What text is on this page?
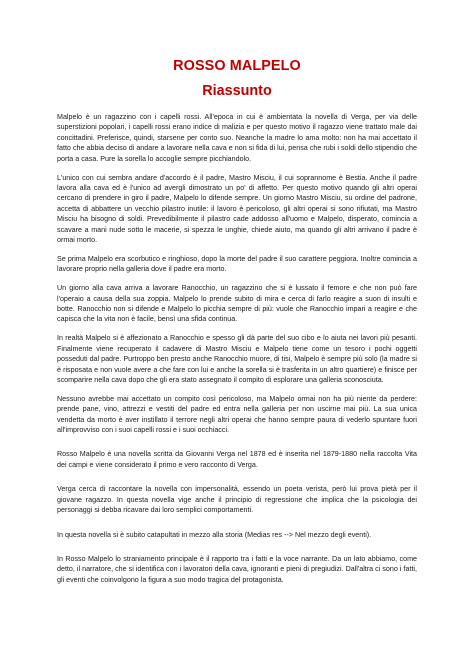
ROSSO MALPELO
Riassunto

Malpelo è un ragazzino con i capelli rossi. All'epoca in cui è ambientata la novella di Verga, per via delle superstizioni popolari, i capelli rossi erano indice di malizia e per questo motivo il ragazzo viene trattato male dai concittadini. Preferisce, quindi, starsene per conto suo. Neanche la madre lo ama molto: non ha mai accettato il fatto che abbia deciso di andare a lavorare nella cava e non si fida di lui, pensa che rubi i soldi dello stipendio che porta a casa. Pure la sorella lo accoglie sempre picchiandolo.

L'unico con cui sembra andare d'accordo è il padre, Mastro Misciu, il cui soprannome è Bestia. Anche il padre lavora alla cava ed è l'unico ad avergli dimostrato un po' di affetto. Per questo motivo quando gli altri operai cercano di prendere in giro il padre, Malpelo lo difende sempre. Un giorno Mastro Misciu, su ordine del padrone, accetta di abbattere un vecchio pilastro inutile: il lavoro è pericoloso, gli altri operai si sono rifiutati, ma Mastro Misciu ha bisogno di soldi. Prevedibilmente il pilastro cade addosso all'uomo e Malpelo, disperato, comincia a scavare a mani nude sotto le macerie, si spezza le unghie, chiede aiuto, ma quando gli altri arrivano il padre è ormai morto.

Se prima Malpelo era scorbutico e ringhioso, dopo la morte del padre il suo carattere peggiora. Inoltre comincia a lavorare proprio nella galleria dove il padre era morto.

Un giorno alla cava arriva a lavorare Ranocchio, un ragazzino che si è lussato il femore e che non può fare l'operaio a causa della sua zoppia. Malpelo lo prende subito di mira e cerca di farlo reagire a suon di insulti e botte. Ranocchio non si difende e Malpelo lo picchia sempre di più: vuole che Ranocchio impari a reagire e che capisca che la vita non è facile, bensì una sfida continua.

In realtà Malpelo si è affezionato a Ranocchio e spesso gli dà parte del suo cibo e lo aiuta nei lavori più pesanti. Finalmente viene recuperato il cadavere di Mastro Misciu e Malpelo tiene come un tesoro i pochi oggetti posseduti dal padre. Purtroppo ben presto anche Ranocchio muore, di tisi, Malpelo è sempre più solo (la madre si è risposata e non vuole avere a che fare con lui e anche la sorella si è trasferita in un altro quartiere) e finisce per scomparire nella cava dopo che gli era stato assegnato il compito di esplorare una galleria sconosciuta.

Nessuno avrebbe mai accettato un compito così pericoloso, ma Malpelo ormai non ha più niente da perdere: prende pane, vino, attrezzi e vestiti del padre ed entra nella galleria per non uscirne mai più. La sua unica vendetta da morto è aver instillato il terrore negli altri operai che hanno sempre paura di vederlo spuntare fuori all'improvviso con i suoi capelli rossi e i suoi occhiacci.

Rosso Malpelo è una novella scritta da Giovanni Verga nel 1878 ed è inserita nel 1879-1880 nella raccolta Vita dei campi e viene considerato il primo e vero racconto di Verga.

Verga cerca di raccontare la novella con impersonalità, essendo un poeta verista, però lui prova pietà per il giovane ragazzo. In questa novella vige anche il principio di regressione che implica che la psicologia dei personaggi si debba ricavare dai loro semplici comportamenti.

In questa novella si è subito catapultati in mezzo alla storia (Medias res --> Nel mezzo degli eventi).

In Rosso Malpelo lo straniamento principale è il rapporto tra i fatti e la voce narrante. Da un lato abbiamo, come detto, il narratore, che si identifica con i lavoratori della cava, ignoranti e pieni di pregiudizi. Dall'altra ci sono i fatti, gli eventi che coinvolgono la figura a suo modo tragica del protagonista.
